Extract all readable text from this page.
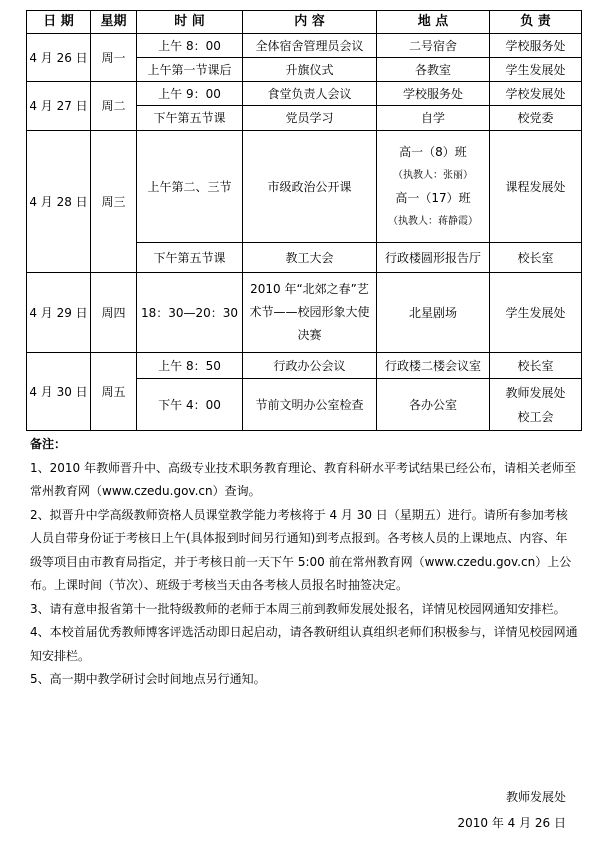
日 期	星期	时 间	内 容	地 点	负 责
4 月 26 日	周一	上午 8：00	全体宿舍管理员会议	二号宿舍	学校服务处
		上午第一节课后	升旗仪式	各教室	学生发展处
4 月 27 日	周二	上午 9：00	食堂负责人会议	学校服务处	学校发展处
		下午第五节课	党员学习	自学	校党委
4 月 28 日	周三	上午第二、三节	市级政治公开课	高一（8）班
（执教人：张丽）
高一（17）班
（执教人：蒋静霞）	课程发展处
		下午第五节课	教工大会	行政楼圆形报告厅	校长室
4 月 29 日	周四	18：30—20：30	2010 年“北郊之春”艺术节——校园形象大使决赛	北星剧场	学生发展处
4 月 30 日	周五	上午 8：50	行政办公会议	行政楼二楼会议室	校长室
		下午 4：00	节前文明办公室检查	各办公室	教师发展处
校工会

备注：

1、2010 年教师晋升中、高级专业技术职务教育理论、教育科研水平考试结果已经公布，请相关老师至常州教育网（www.czedu.gov.cn）查询。

2、拟晋升中学高级教师资格人员课堂教学能力考核将于 4 月 30 日（星期五）进行。请所有参加考核人员自带身份证于考核日上午(具体报到时间另行通知)到考点报到。各考核人员的上课地点、内容、年级等项目由市教育局指定，并于考核日前一天下午 5:00 前在常州教育网（www.czedu.gov.cn）上公布。上课时间（节次）、班级于考核当天由各考核人员报名时抽签决定。

3、请有意申报省第十一批特级教师的老师于本周三前到教师发展处报名，详情见校园网通知安排栏。

4、本校首届优秀教师博客评选活动即日起启动，请各教研组认真组织老师们积极参与，详情见校园网通知安排栏。

5、高一期中教学研讨会时间地点另行通知。

教师发展处
2010 年 4 月 26 日
